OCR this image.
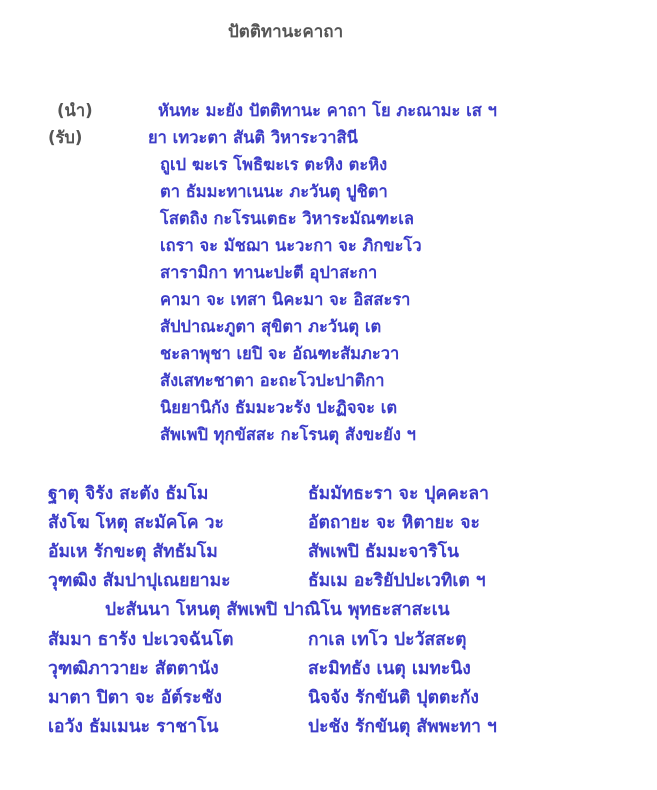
ปัตติทานะคาถา
(นำ)	หันทะ มะยัง ปัตติทานะ คาถา โย ภะณามะ เส ฯ
(รับ)	ยา เทวะตา สันติ วิหาระวาสินี
ถูเป ฆะเร โพธิฆะเร ตะหิง ตะหิง
ตา ธัมมะทาเนนะ ภะวันตุ ปูชิตา
โสตถิง กะโรนเตธะ วิหาระมัณฑะเล
เถรา จะ มัชฌา นะวะกา จะ ภิกขะโว
สารามิกา ทานะปะตี อุปาสะกา
คามา จะ เทสา นิคะมา จะ อิสสะรา
สัปปาณะภูตา สุขิตา ภะวันตุ เต
ชะลาพุชา เยปิ จะ อัณฑะสัมภะวา
สังเสทะชาตา อะถะโวปะปาติกา
นิยยานิกัง ธัมมะวะรัง ปะฏิจจะ เต
สัพเพปิ ทุกขัสสะ กะโรนตุ สังขะยัง ฯ
ฐาตุ จิรัง สะตัง ธัมโม	ธัมมัทธะรา จะ ปุคคะลา
สังโฆ โหตุ สะมัคโค วะ	อัตถายะ จะ หิตายะ จะ
อัมเห รักขะตุ สัทธัมโม	สัพเพปิ ธัมมะจาริโน
วุฑฒิง สัมปาปุเณยยามะ	ธัมเม อะริยัปปะเวทิเต ฯ
ปะสันนา โหนตุ สัพเพปิ ปาณิโน พุทธะสาสะเน
สัมมา ธารัง ปะเวจฉันโต	กาเล เทโว ปะวัสสะตุ
วุฑฒิภาวายะ สัตตานัง	สะมิทธัง เนตุ เมทะนิง
มาตา ปิตา จะ อัต์ระชัง	นิจจัง รักขันติ ปุตตะกัง
เอวัง ธัมเมนะ ราชาโน	ปะชัง รักขันตุ สัพพะทา ฯ
